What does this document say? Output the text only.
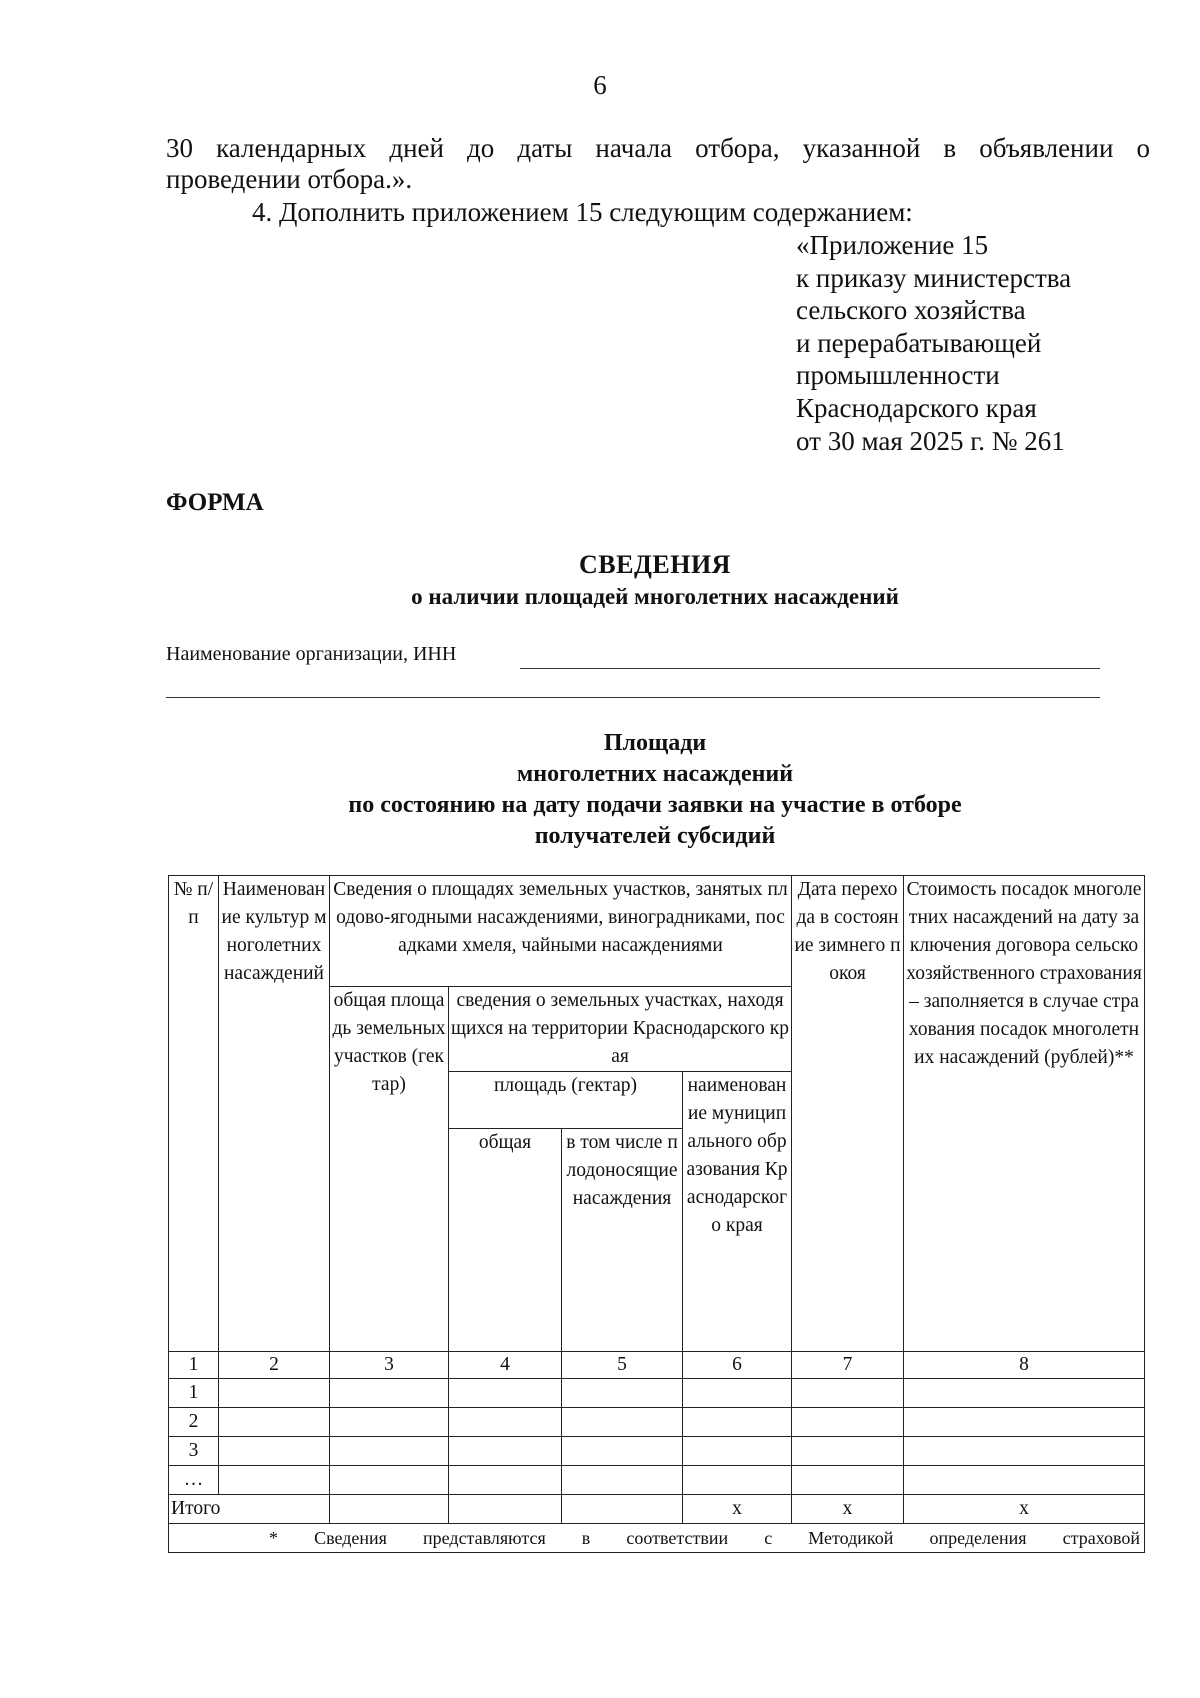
6
30 календарных дней до даты начала отбора, указанной в объявлении о
проведении отбора.».
4. Дополнить приложением 15 следующим содержанием:
«Приложение 15
к приказу министерства
сельского хозяйства
и перерабатывающей
промышленности
Краснодарского края
от 30 мая 2025 г. № 261
ФОРМА
СВЕДЕНИЯ
о наличии площадей многолетних насаждений
Наименование организации, ИНН
Площади
многолетних насаждений
по состоянию на дату подачи заявки на участие в отборе
получателей субсидий
№ п/п	Наименование культур многолетних насаждений	Сведения о площадях земельных участков, занятых плодово-ягодными насаждениями, виноградниками, посадками хмеля, чайными насаждениями				Дата перехода в состояние зимнего покоя	Стоимость посадок многолетних насаждений на дату заключения договора сельскохозяйственного страхования – заполняется в случае страхования посадок многолетних насаждений (рублей)**
		общая площадь земельных участков (гектар)	сведения о земельных участках, находящихся на территории Краснодарского края				
			площадь (гектар)		наименование муниципального образования Краснодарского края		
			общая	в том числе плодоносящие насаждения			
1	2	3	4	5	6	7	8
1							
2							
3							
…							
Итого					x	x	x
* Сведения представляются в соответствии с Методикой определения страховой							
